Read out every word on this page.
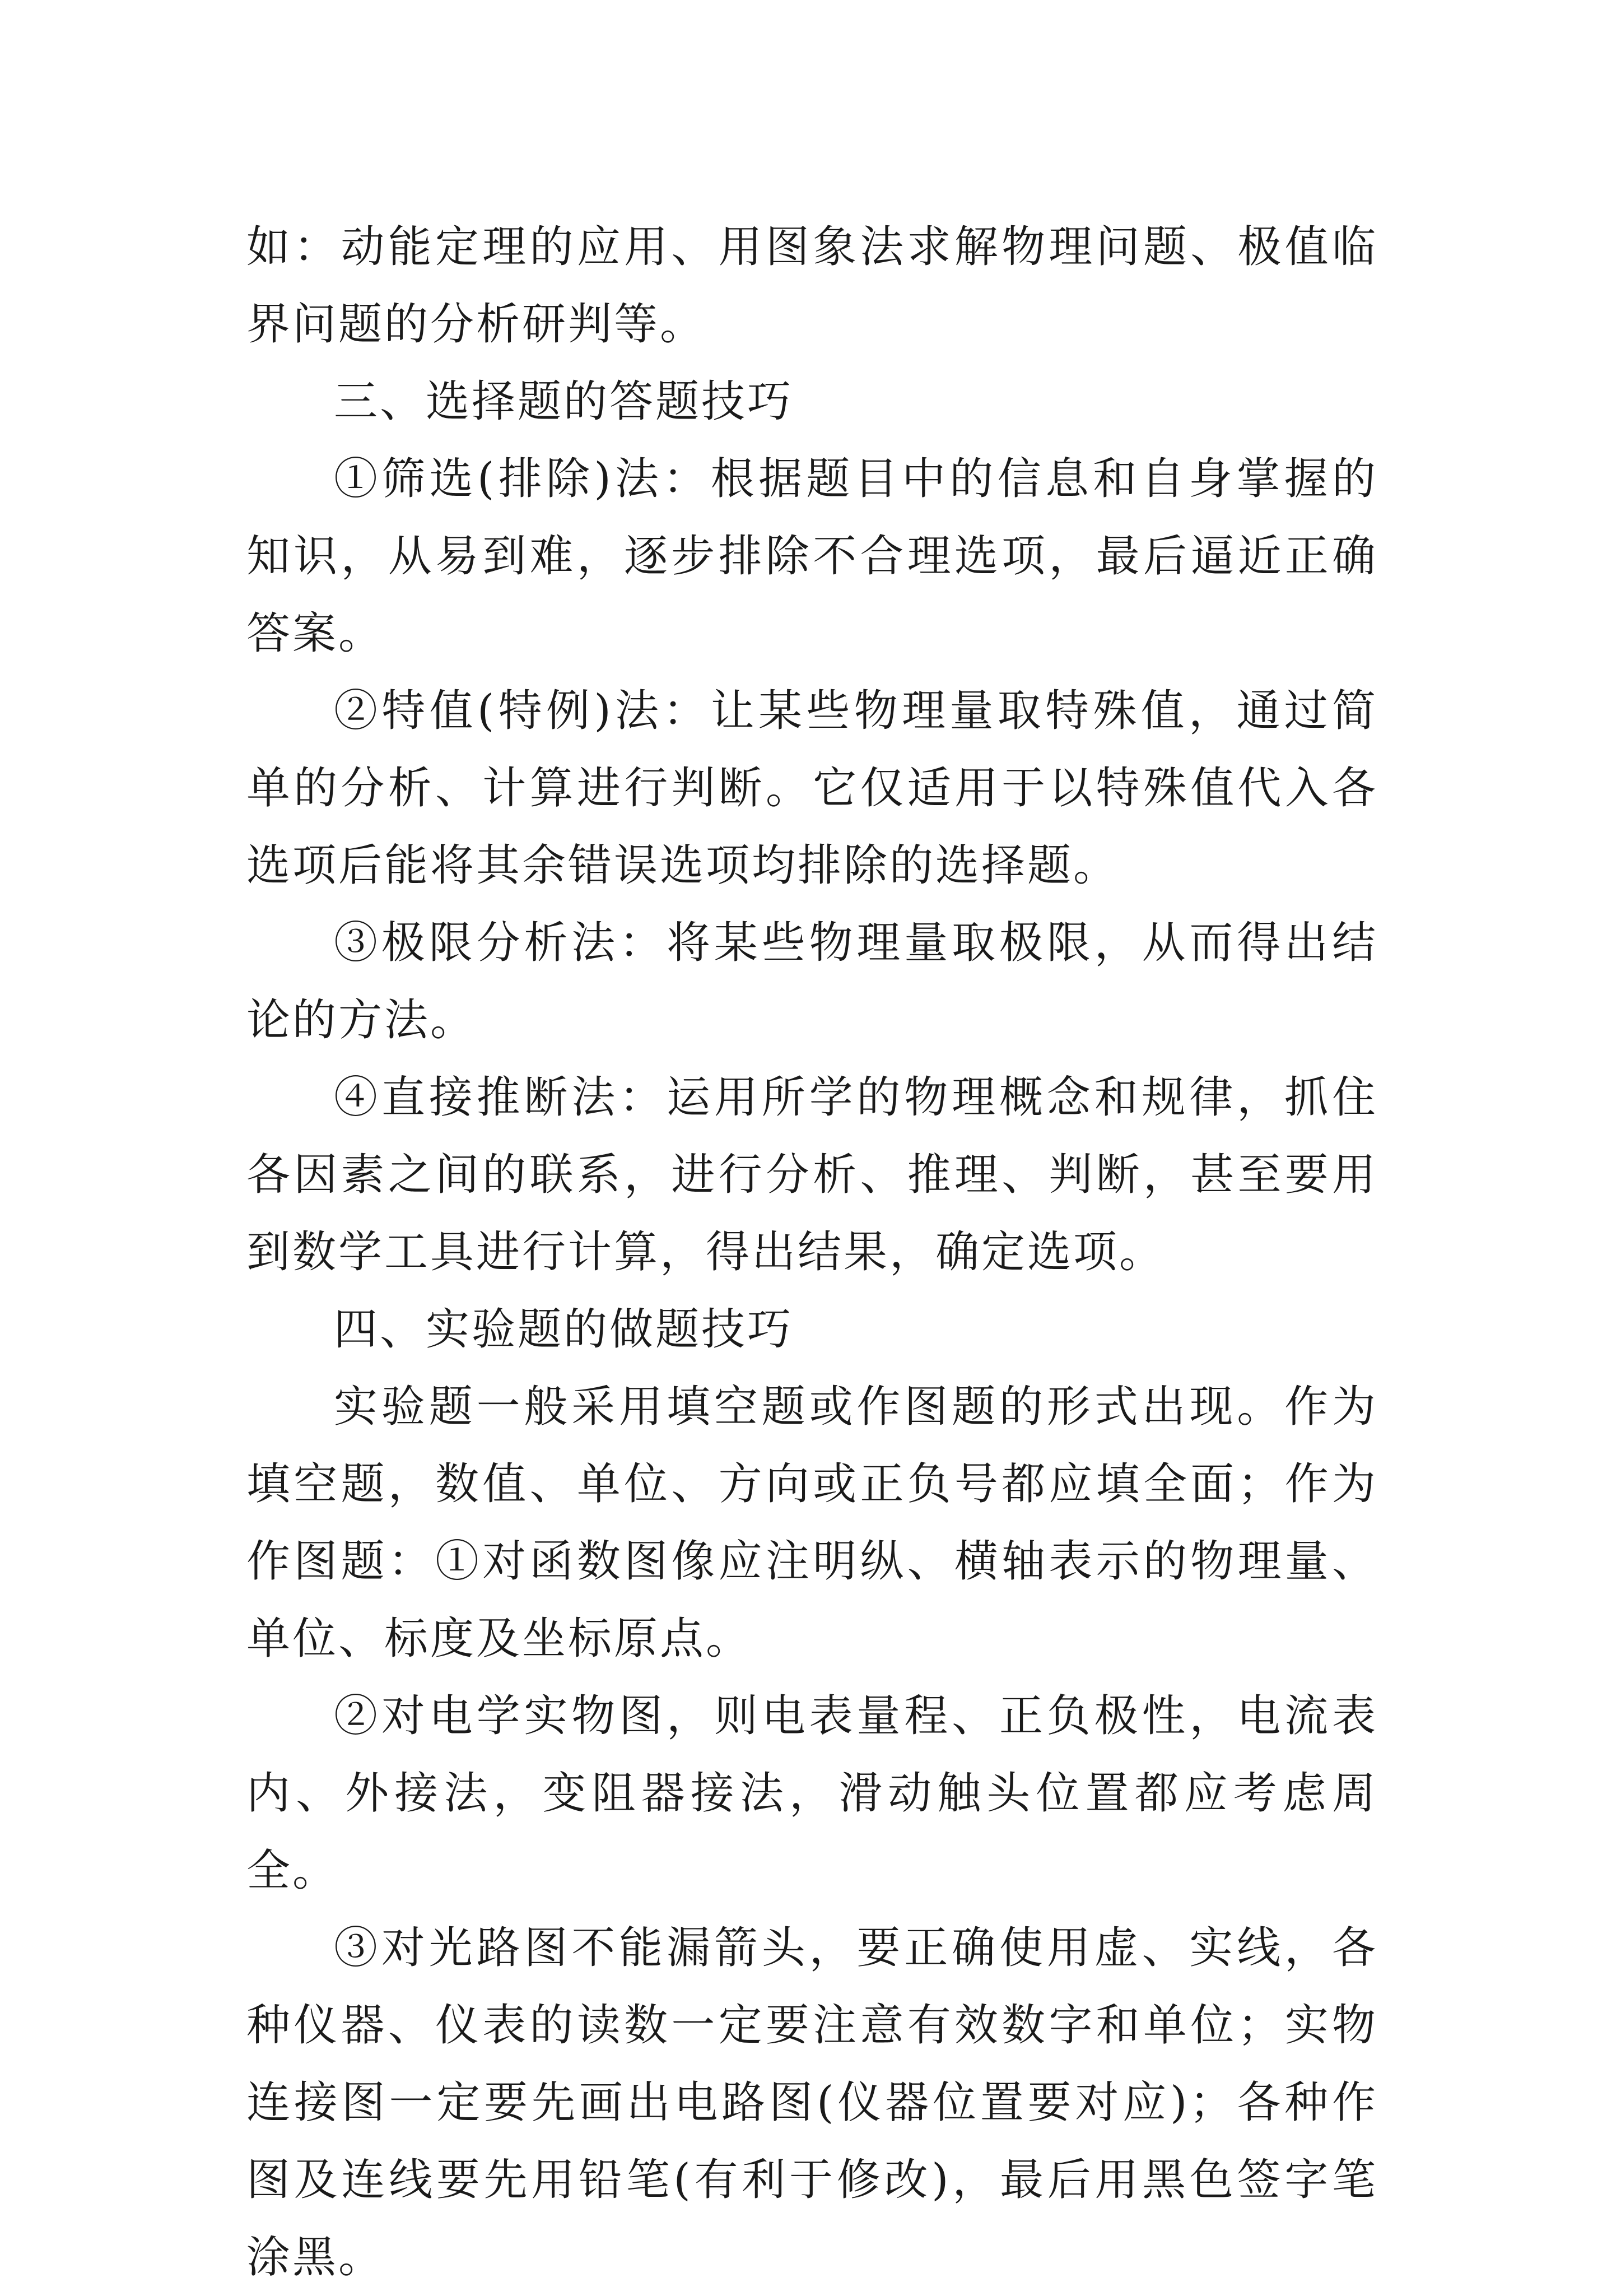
如：动能定理的应用、用图象法求解物理问题、极值临界问题的分析研判等。

三、选择题的答题技巧

①筛选(排除)法：根据题目中的信息和自身掌握的知识，从易到难，逐步排除不合理选项，最后逼近正确答案。

②特值(特例)法：让某些物理量取特殊值，通过简单的分析、计算进行判断。它仅适用于以特殊值代入各选项后能将其余错误选项均排除的选择题。

③极限分析法：将某些物理量取极限，从而得出结论的方法。

④直接推断法：运用所学的物理概念和规律，抓住各因素之间的联系，进行分析、推理、判断，甚至要用到数学工具进行计算，得出结果，确定选项。

四、实验题的做题技巧

实验题一般采用填空题或作图题的形式出现。作为填空题，数值、单位、方向或正负号都应填全面；作为作图题：①对函数图像应注明纵、横轴表示的物理量、单位、标度及坐标原点。

②对电学实物图，则电表量程、正负极性，电流表内、外接法，变阻器接法，滑动触头位置都应考虑周全。

③对光路图不能漏箭头，要正确使用虚、实线，各种仪器、仪表的读数一定要注意有效数字和单位；实物连接图一定要先画出电路图(仪器位置要对应)；各种作图及连线要先用铅笔(有利于修改)，最后用黑色签字笔涂黑。
